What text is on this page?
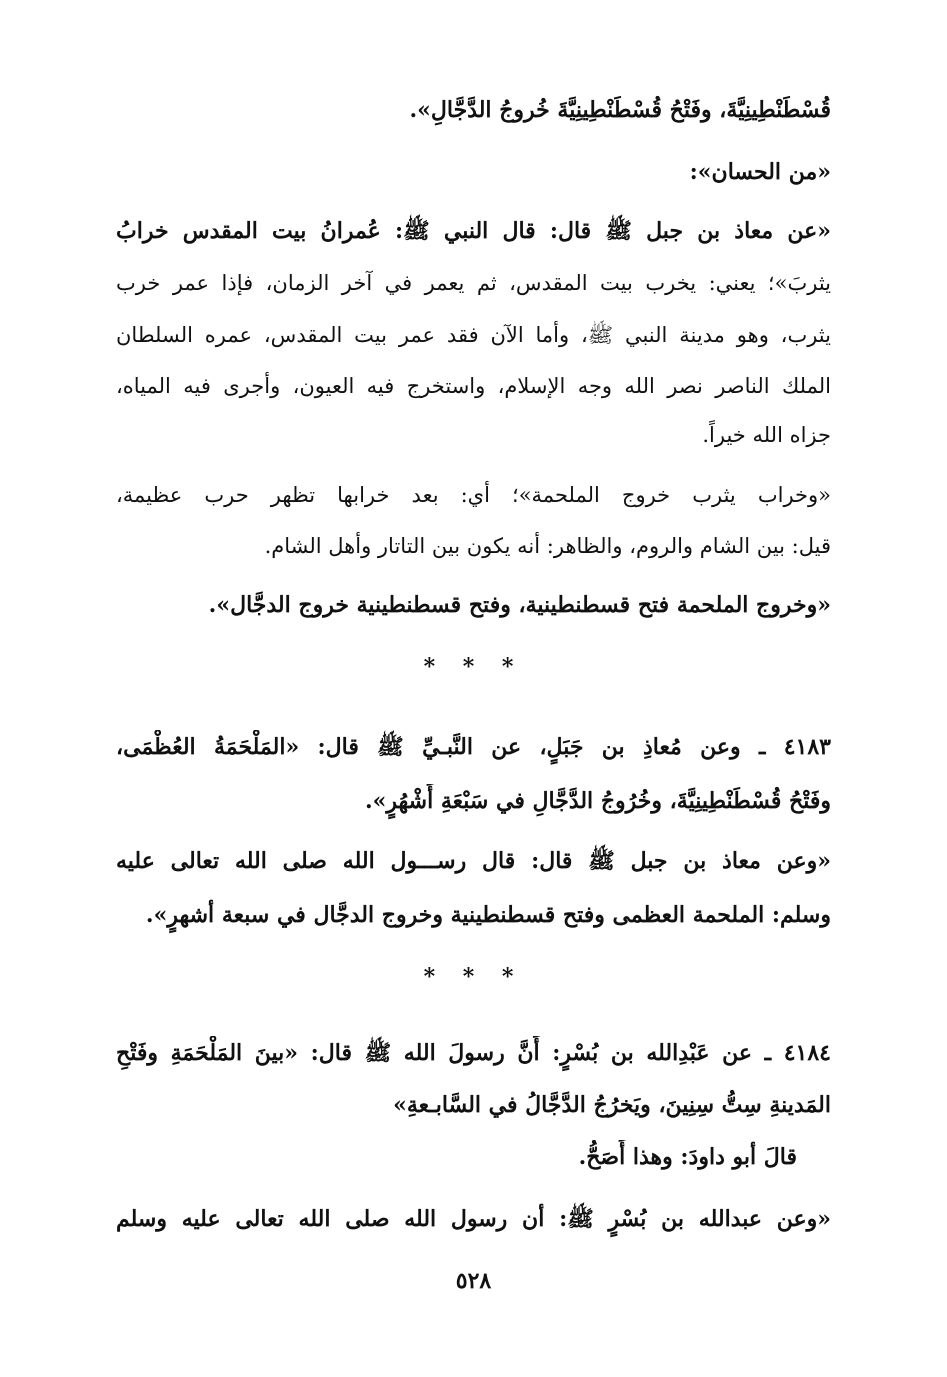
قُسْطَنْطِينِيَّةَ، وفَتْحُ قُسْطَنْطِينِيَّةَ خُروجُ الدَّجَّالِ».
«من الحسان»:
«عن معاذ بن جبل ﷺ قال: قال النبي ﷺ: عُمرانُ بيت المقدس خرابُ
يثربَ»؛ يعني: يخرب بيت المقدس، ثم يعمر في آخر الزمان، فإذا عمر خرب
يثرب، وهو مدينة النبي ﷺ، وأما الآن فقد عمر بيت المقدس، عمره السلطان
الملك الناصر نصر الله وجه الإسلام، واستخرج فيه العيون، وأجرى فيه المياه،
جزاه الله خيراً.
«وخراب يثرب خروج الملحمة»؛ أي: بعد خرابها تظهر حرب عظيمة،
قيل: بين الشام والروم، والظاهر: أنه يكون بين التاتار وأهل الشام.
«وخروج الملحمة فتح قسطنطينية، وفتح قسطنطينية خروج الدجَّال».
* * *
٤١٨٣ ـ وعن مُعاذِ بن جَبَلٍ، عن النَّبـيِّ ﷺ قال: «المَلْحَمَةُ العُظْمَى،
وفَتْحُ قُسْطَنْطِينِيَّةَ، وخُرُوجُ الدَّجَّالِ في سَبْعَةِ أَشْهُرٍ».
«وعن معاذ بن جبل ﷺ قال: قال رســـول الله صلى الله تعالى عليه
وسلم: الملحمة العظمى وفتح قسطنطينية وخروج الدجَّال في سبعة أشهرٍ».
* * *
٤١٨٤ ـ عن عَبْدِالله بن بُسْرٍ: أَنَّ رسولَ الله ﷺ قال: «بينَ المَلْحَمَةِ وفَتْحِ
المَدينةِ سِتُّ سِنِينَ، ويَخرُجُ الدَّجَّالُ في السَّابـعةِ»
قالَ أبو داودَ: وهذا أَصَحُّ.
«وعن عبدالله بن بُسْرٍ ﷺ: أن رسول الله صلى الله تعالى عليه وسلم
٥٢٨
